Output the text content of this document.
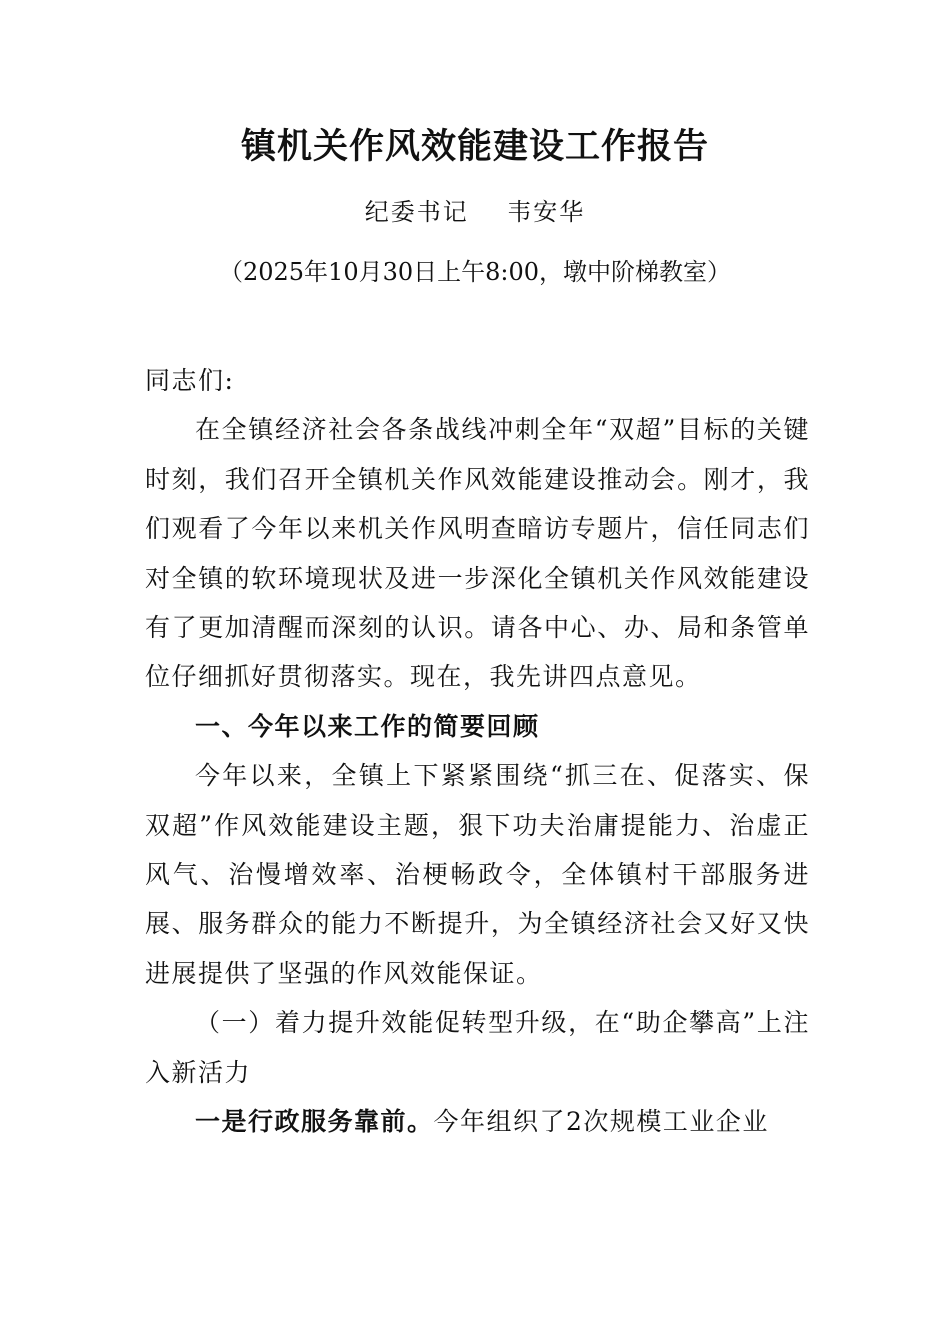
镇机关作风效能建设工作报告
纪委书记    韦安华
（2025年10月30日上午8:00，墩中阶梯教室）

同志们:

在全镇经济社会各条战线冲刺全年“双超”目标的关键时刻，我们召开全镇机关作风效能建设推动会。刚才，我们观看了今年以来机关作风明查暗访专题片，信任同志们对全镇的软环境现状及进一步深化全镇机关作风效能建设有了更加清醒而深刻的认识。请各中心、办、局和条管单位仔细抓好贯彻落实。现在，我先讲四点意见。

一、今年以来工作的简要回顾

今年以来，全镇上下紧紧围绕“抓三在、促落实、保双超”作风效能建设主题，狠下功夫治庸提能力、治虚正风气、治慢增效率、治梗畅政令，全体镇村干部服务进展、服务群众的能力不断提升，为全镇经济社会又好又快进展提供了坚强的作风效能保证。

（一）着力提升效能促转型升级，在“助企攀高”上注入新活力

一是行政服务靠前。今年组织了2次规模工业企业
